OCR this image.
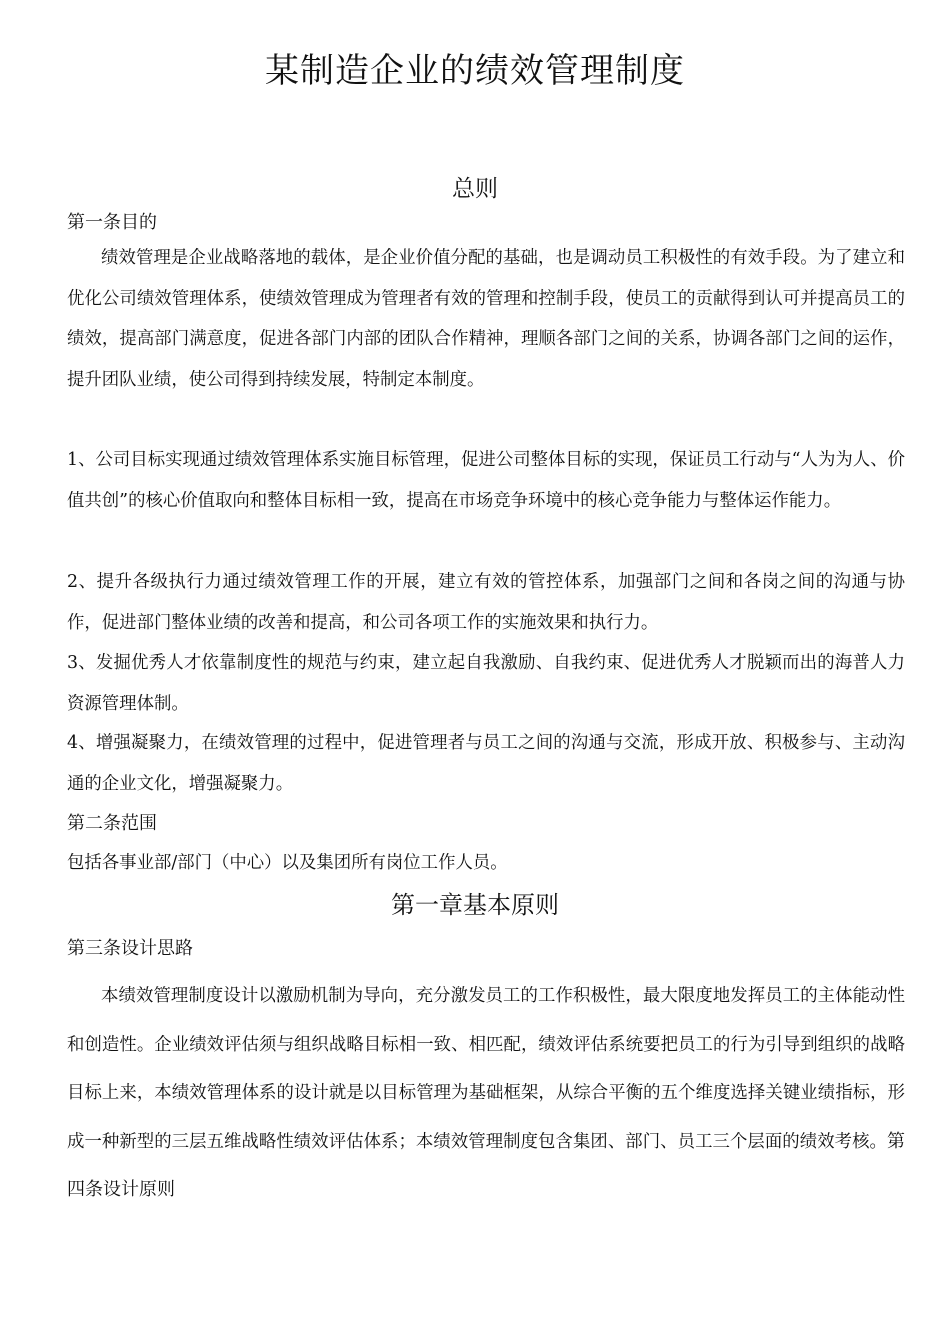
某制造企业的绩效管理制度
总则
第一条目的

绩效管理是企业战略落地的载体，是企业价值分配的基础，也是调动员工积极性的有效手段。为了建立和优化公司绩效管理体系，使绩效管理成为管理者有效的管理和控制手段，使员工的贡献得到认可并提高员工的绩效，提高部门满意度，促进各部门内部的团队合作精神，理顺各部门之间的关系，协调各部门之间的运作，提升团队业绩，使公司得到持续发展，特制定本制度。

1、公司目标实现通过绩效管理体系实施目标管理，促进公司整体目标的实现，保证员工行动与“人为为人、价值共创”的核心价值取向和整体目标相一致，提高在市场竞争环境中的核心竞争能力与整体运作能力。

2、提升各级执行力通过绩效管理工作的开展，建立有效的管控体系，加强部门之间和各岗之间的沟通与协作，促进部门整体业绩的改善和提高，和公司各项工作的实施效果和执行力。

3、发掘优秀人才依靠制度性的规范与约束，建立起自我激励、自我约束、促进优秀人才脱颖而出的海普人力资源管理体制。

4、增强凝聚力，在绩效管理的过程中，促进管理者与员工之间的沟通与交流，形成开放、积极参与、主动沟通的企业文化，增强凝聚力。

第二条范围

包括各事业部/部门（中心）以及集团所有岗位工作人员。

第一章基本原则
第三条设计思路

本绩效管理制度设计以激励机制为导向，充分激发员工的工作积极性，最大限度地发挥员工的主体能动性和创造性。企业绩效评估须与组织战略目标相一致、相匹配，绩效评估系统要把员工的行为引导到组织的战略目标上来，本绩效管理体系的设计就是以目标管理为基础框架，从综合平衡的五个维度选择关键业绩指标，形成一种新型的三层五维战略性绩效评估体系；本绩效管理制度包含集团、部门、员工三个层面的绩效考核。第四条设计原则
